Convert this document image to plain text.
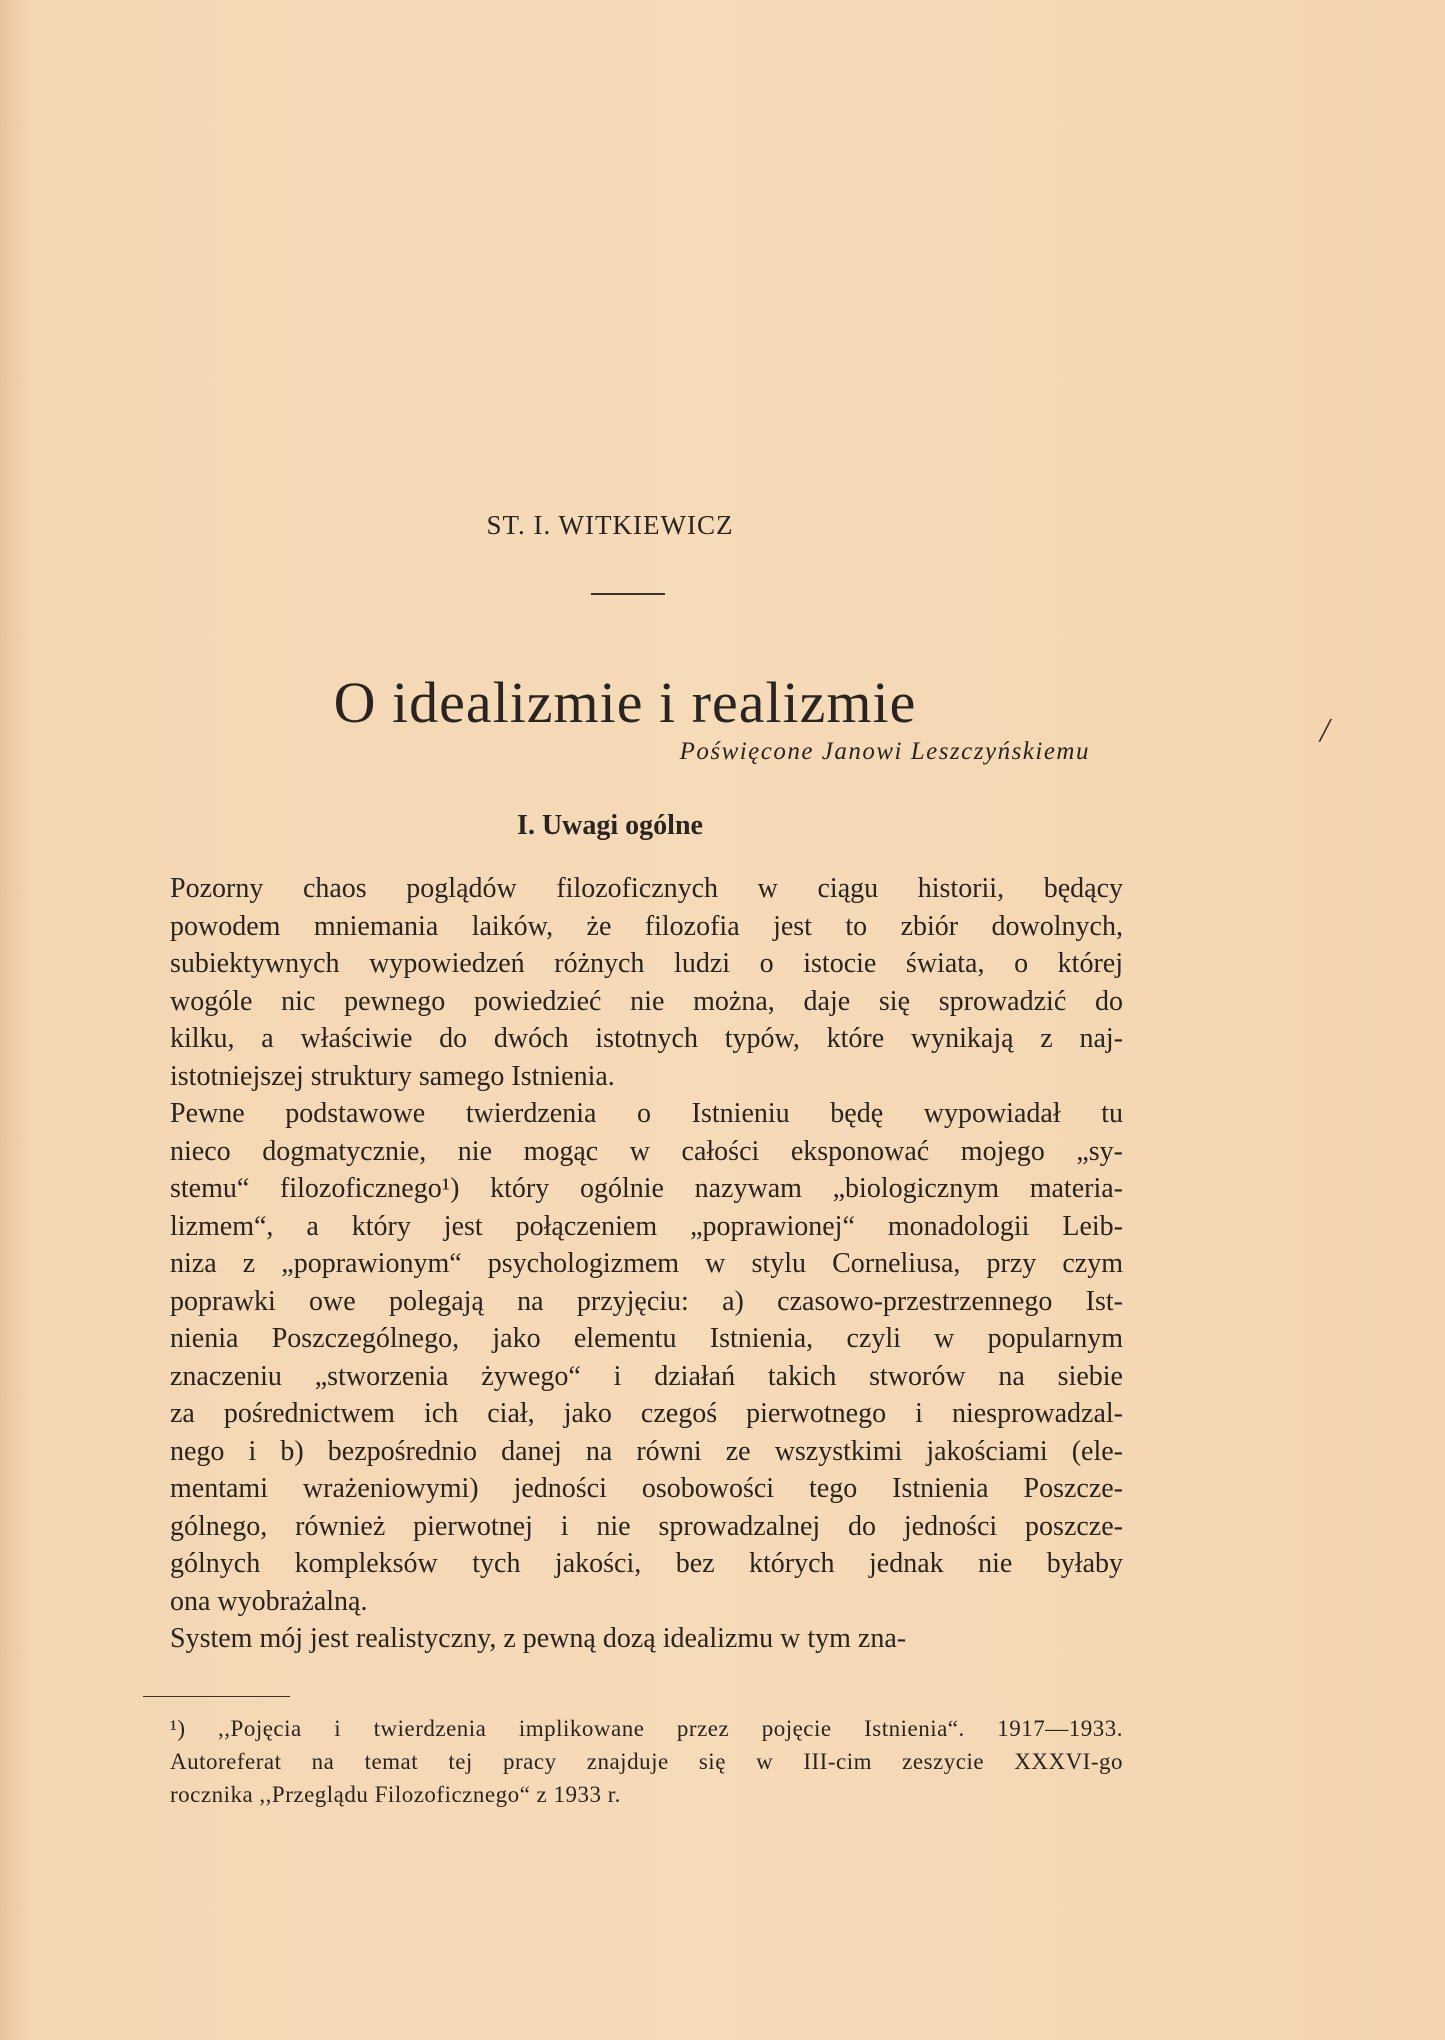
ST. I. WITKIEWICZ
O idealizmie i realizmie
Poświęcone Janowi Leszczyńskiemu
I. Uwagi ogólne
/

Pozorny chaos poglądów filozoficznych w ciągu historii, będący
powodem mniemania laików, że filozofia jest to zbiór dowolnych,
subiektywnych wypowiedzeń różnych ludzi o istocie świata, o której
wogóle nic pewnego powiedzieć nie można, daje się sprowadzić do
kilku, a właściwie do dwóch istotnych typów, które wynikają z naj-
istotniejszej struktury samego Istnienia.

Pewne podstawowe twierdzenia o Istnieniu będę wypowiadał tu
nieco dogmatycznie, nie mogąc w całości eksponować mojego „sy-
stemu“ filozoficznego¹) który ogólnie nazywam „biologicznym materia-
lizmem“, a który jest połączeniem „poprawionej“ monadologii Leib-
niza z „poprawionym“ psychologizmem w stylu Corneliusa, przy czym
poprawki owe polegają na przyjęciu: a) czasowo-przestrzennego Ist-
nienia Poszczególnego, jako elementu Istnienia, czyli w popularnym
znaczeniu „stworzenia żywego“ i działań takich stworów na siebie
za pośrednictwem ich ciał, jako czegoś pierwotnego i niesprowadzal-
nego i b) bezpośrednio danej na równi ze wszystkimi jakościami (ele-
mentami wrażeniowymi) jedności osobowości tego Istnienia Poszcze-
gólnego, również pierwotnej i nie sprowadzalnej do jedności poszcze-
gólnych kompleksów tych jakości, bez których jednak nie byłaby
ona wyobrażalną.

System mój jest realistyczny, z pewną dozą idealizmu w tym zna-

¹) ,,Pojęcia i twierdzenia implikowane przez pojęcie Istnienia“. 1917—1933.
Autoreferat na temat tej pracy znajduje się w III-cim zeszycie XXXVI-go
rocznika ,,Przeglądu Filozoficznego“ z 1933 r.
